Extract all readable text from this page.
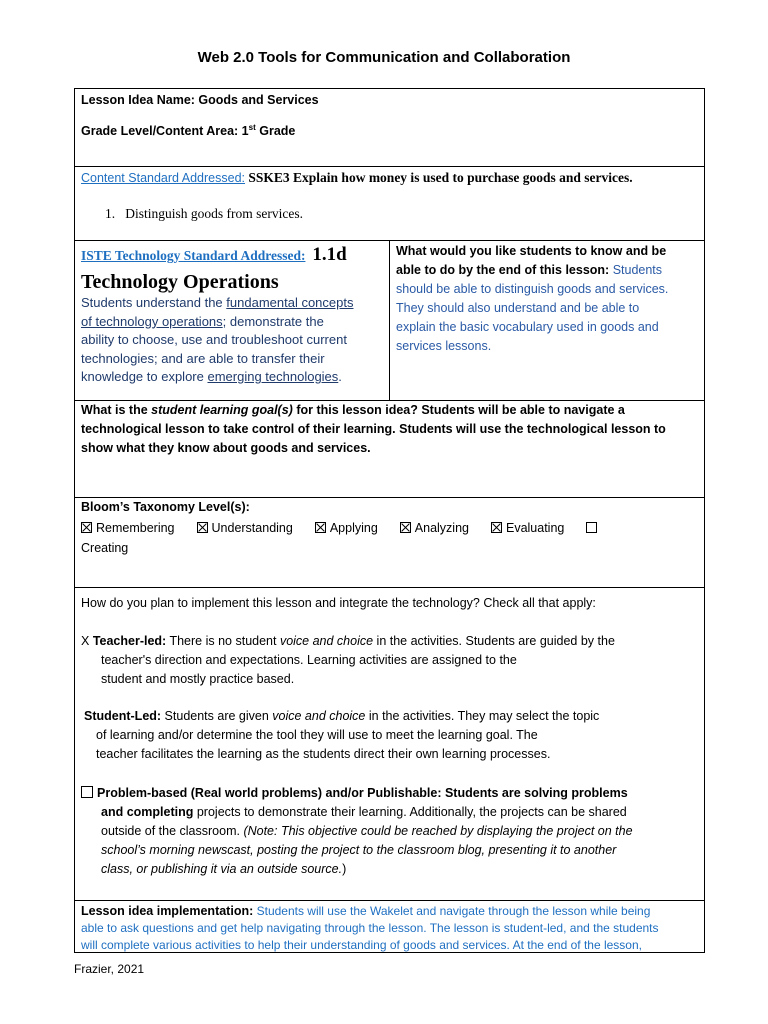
Web 2.0 Tools for Communication and Collaboration

Lesson Idea Name: Goods and Services

Grade Level/Content Area: 1st Grade

Content Standard Addressed: SSKE3 Explain how money is used to purchase goods and services.

1. Distinguish goods from services.

ISTE Technology Standard Addressed: 1.1d

Technology Operations

Students understand the fundamental concepts
of technology operations; demonstrate the
ability to choose, use and troubleshoot current
technologies; and are able to transfer their
knowledge to explore emerging technologies.
What would you like students to know and be
able to do by the end of this lesson: Students
should be able to distinguish goods and services.
They should also understand and be able to
explain the basic vocabulary used in goods and
services lessons.
What is the student learning goal(s) for this lesson idea? Students will be able to navigate a
technological lesson to take control of their learning. Students will use the technological lesson to
show what they know about goods and services.

Bloom’s Taxonomy Level(s):

Remembering	Understanding	Applying	Analyzing	Evaluating
Creating

How do you plan to implement this lesson and integrate the technology? Check all that apply:

X Teacher-led: There is no student voice and choice in the activities. Students are guided by the
teacher's direction and expectations. Learning activities are assigned to the
student and mostly practice based.
Student-Led: Students are given voice and choice in the activities. They may select the topic
of learning and/or determine the tool they will use to meet the learning goal. The
teacher facilitates the learning as the students direct their own learning processes.
Problem-based (Real world problems) and/or Publishable: Students are solving problems
and completing projects to demonstrate their learning. Additionally, the projects can be shared
outside of the classroom. (Note: This objective could be reached by displaying the project on the
school’s morning newscast, posting the project to the classroom blog, presenting it to another
class, or publishing it via an outside source.)
Lesson idea implementation: Students will use the Wakelet and navigate through the lesson while being
able to ask questions and get help navigating through the lesson. The lesson is student-led, and the students
will complete various activities to help their understanding of goods and services. At the end of the lesson,
Frazier, 2021
